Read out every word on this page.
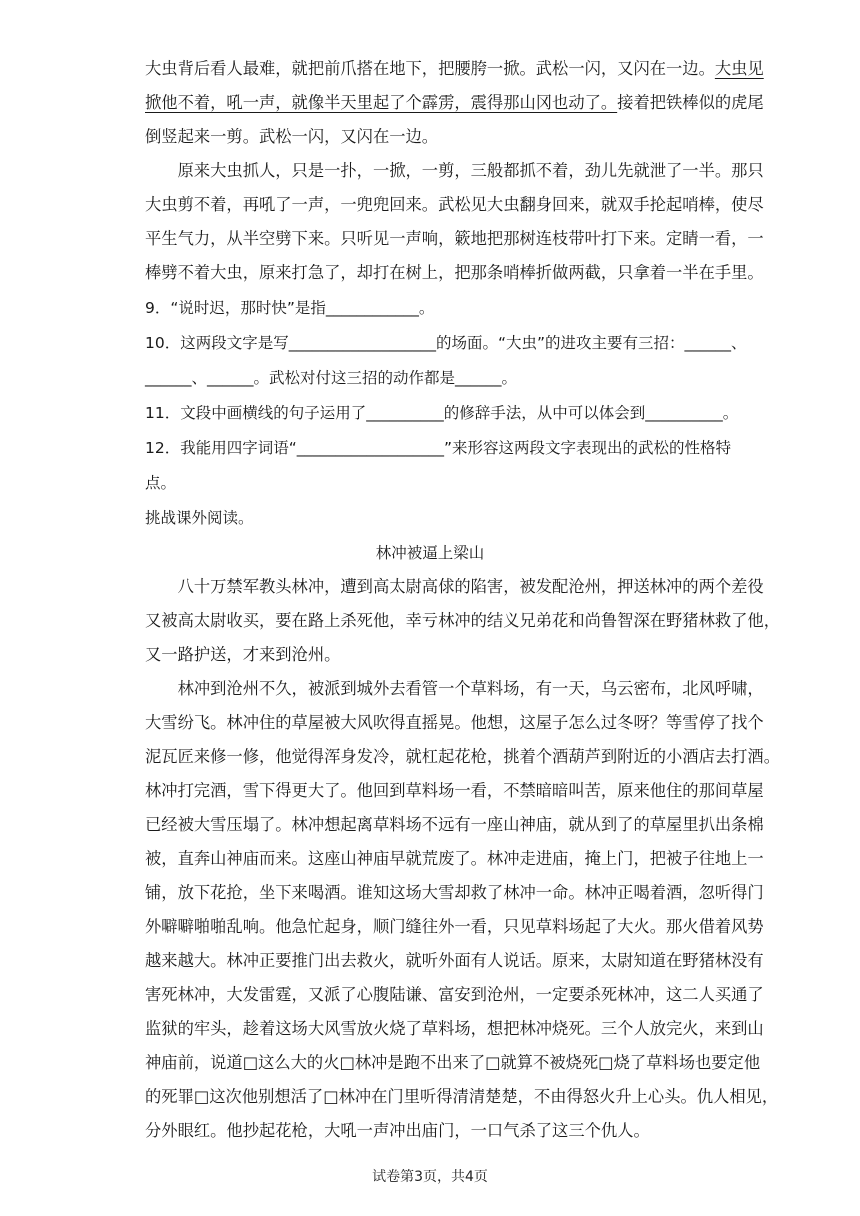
大虫背后看人最难，就把前爪搭在地下，把腰胯一掀。武松一闪，又闪在一边。大虫见

掀他不着，吼一声，就像半天里起了个霹雳，震得那山冈也动了。接着把铁棒似的虎尾

倒竖起来一剪。武松一闪，又闪在一边。

　　原来大虫抓人，只是一扑，一掀，一剪，三般都抓不着，劲儿先就泄了一半。那只

大虫剪不着，再吼了一声，一兜兜回来。武松见大虫翻身回来，就双手抡起哨棒，使尽

平生气力，从半空劈下来。只听见一声响，簌地把那树连枝带叶打下来。定睛一看，一

棒劈不着大虫，原来打急了，却打在树上，把那条哨棒折做两截，只拿着一半在手里。

9．“说时迟，那时快”是指____________。

10．这两段文字是写___________________的场面。“大虫”的进攻主要有三招：______、

______、______。武松对付这三招的动作都是______。

11．文段中画横线的句子运用了__________的修辞手法，从中可以体会到__________。

12．我能用四字词语“___________________”来形容这两段文字表现出的武松的性格特

点。

挑战课外阅读。

林冲被逼上梁山

　　八十万禁军教头林冲，遭到高太尉高俅的陷害，被发配沧州，押送林冲的两个差役

又被高太尉收买，要在路上杀死他，幸亏林冲的结义兄弟花和尚鲁智深在野猪林救了他，

又一路护送，才来到沧州。

　　林冲到沧州不久，被派到城外去看管一个草料场，有一天，乌云密布，北风呼啸，

大雪纷飞。林冲住的草屋被大风吹得直摇晃。他想，这屋子怎么过冬呀？等雪停了找个

泥瓦匠来修一修，他觉得浑身发冷，就杠起花枪，挑着个酒葫芦到附近的小酒店去打酒。

林冲打完酒，雪下得更大了。他回到草料场一看，不禁暗暗叫苦，原来他住的那间草屋

已经被大雪压塌了。林冲想起离草料场不远有一座山神庙，就从到了的草屋里扒出条棉

被，直奔山神庙而来。这座山神庙早就荒废了。林冲走进庙，掩上门，把被子往地上一

铺，放下花抢，坐下来喝酒。谁知这场大雪却救了林冲一命。林冲正喝着酒，忽听得门

外噼噼啪啪乱响。他急忙起身，顺门缝往外一看，只见草料场起了大火。那火借着风势

越来越大。林冲正要推门出去救火，就听外面有人说话。原来，太尉知道在野猪林没有

害死林冲，大发雷霆，又派了心腹陆谦、富安到沧州，一定要杀死林冲，这二人买通了

监狱的牢头，趁着这场大风雪放火烧了草料场，想把林冲烧死。三个人放完火，来到山

神庙前，说道□这么大的火□林冲是跑不出来了□就算不被烧死□烧了草料场也要定他

的死罪□这次他别想活了□林冲在门里听得清清楚楚，不由得怒火升上心头。仇人相见，

分外眼红。他抄起花枪，大吼一声冲出庙门，一口气杀了这三个仇人。

试卷第3页，共4页
